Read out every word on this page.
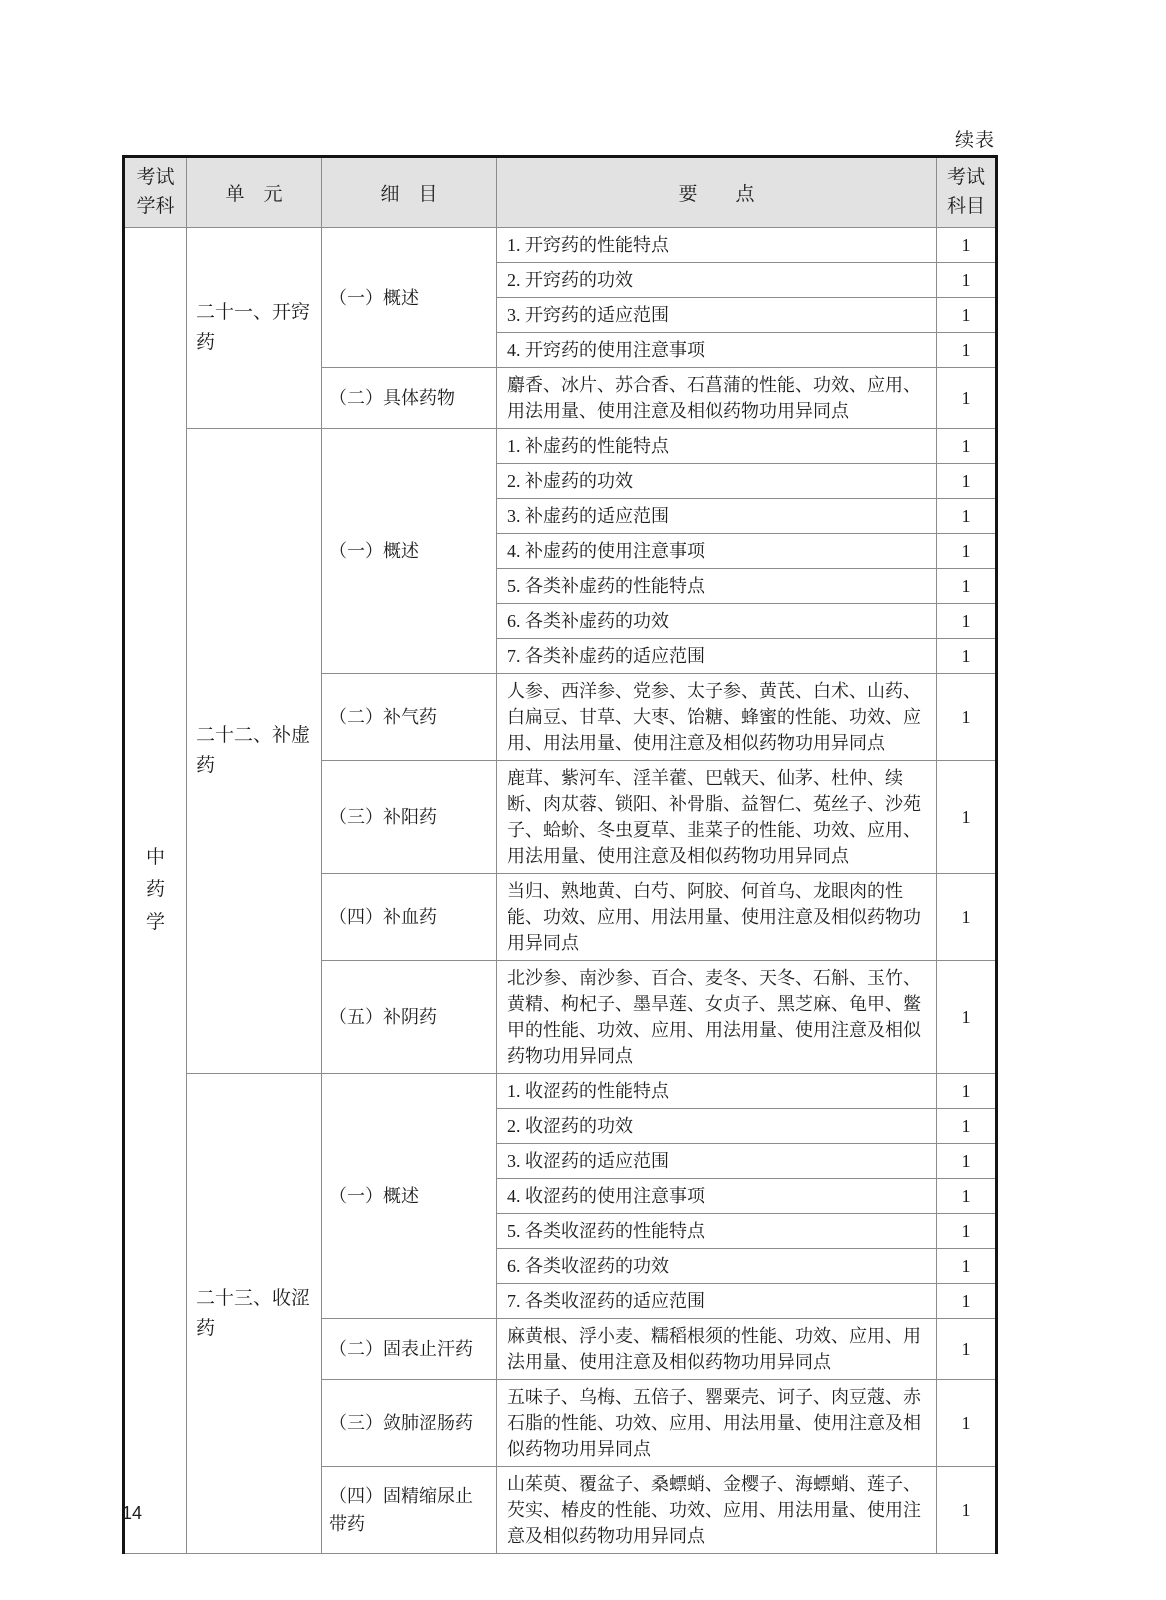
续表
考试学科	单　元	细　目	要　　点	考试科目
中药学	二十一、开窍药	（一）概述	1. 开窍药的性能特点	1
			2. 开窍药的功效	1
			3. 开窍药的适应范围	1
			4. 开窍药的使用注意事项	1
		（二）具体药物	麝香、冰片、苏合香、石菖蒲的性能、功效、应用、用法用量、使用注意及相似药物功用异同点	1
	二十二、补虚药	（一）概述	1. 补虚药的性能特点	1
			2. 补虚药的功效	1
			3. 补虚药的适应范围	1
			4. 补虚药的使用注意事项	1
			5. 各类补虚药的性能特点	1
			6. 各类补虚药的功效	1
			7. 各类补虚药的适应范围	1
		（二）补气药	人参、西洋参、党参、太子参、黄芪、白术、山药、白扁豆、甘草、大枣、饴糖、蜂蜜的性能、功效、应用、用法用量、使用注意及相似药物功用异同点	1
		（三）补阳药	鹿茸、紫河车、淫羊藿、巴戟天、仙茅、杜仲、续断、肉苁蓉、锁阳、补骨脂、益智仁、菟丝子、沙苑子、蛤蚧、冬虫夏草、韭菜子的性能、功效、应用、用法用量、使用注意及相似药物功用异同点	1
		（四）补血药	当归、熟地黄、白芍、阿胶、何首乌、龙眼肉的性能、功效、应用、用法用量、使用注意及相似药物功用异同点	1
		（五）补阴药	北沙参、南沙参、百合、麦冬、天冬、石斛、玉竹、黄精、枸杞子、墨旱莲、女贞子、黑芝麻、龟甲、鳖甲的性能、功效、应用、用法用量、使用注意及相似药物功用异同点	1
	二十三、收涩药	（一）概述	1. 收涩药的性能特点	1
			2. 收涩药的功效	1
			3. 收涩药的适应范围	1
			4. 收涩药的使用注意事项	1
			5. 各类收涩药的性能特点	1
			6. 各类收涩药的功效	1
			7. 各类收涩药的适应范围	1
		（二）固表止汗药	麻黄根、浮小麦、糯稻根须的性能、功效、应用、用法用量、使用注意及相似药物功用异同点	1
		（三）敛肺涩肠药	五味子、乌梅、五倍子、罂粟壳、诃子、肉豆蔻、赤石脂的性能、功效、应用、用法用量、使用注意及相似药物功用异同点	1
		（四）固精缩尿止带药	山茱萸、覆盆子、桑螵蛸、金樱子、海螵蛸、莲子、芡实、椿皮的性能、功效、应用、用法用量、使用注意及相似药物功用异同点	1
14
